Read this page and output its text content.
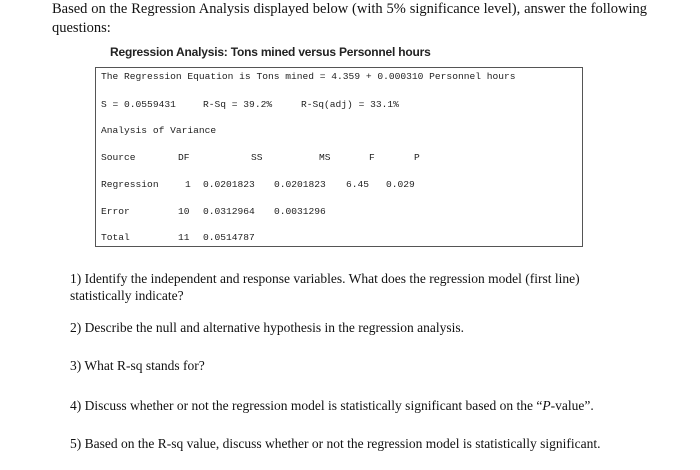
Based on the Regression Analysis displayed below (with 5% significance level), answer the following questions:
Regression Analysis: Tons mined versus Personnel hours
The Regression Equation is Tons mined = 4.359 + 0.000310 Personnel hours
S = 0.0559431	R-Sq = 39.2%	R-Sq(adj) = 33.1%
Analysis of Variance
Source	DF	SS	MS	F	P
Regression	1 0.0201823 0.0201823 6.45 0.029
Error	10 0.0312964 0.0031296
Total	11 0.0514787
1) Identify the independent and response variables. What does the regression model (first line) statistically indicate?
2) Describe the null and alternative hypothesis in the regression analysis.
3) What R-sq stands for?
4) Discuss whether or not the regression model is statistically significant based on the “P-value”.
5) Based on the R-sq value, discuss whether or not the regression model is statistically significant.
